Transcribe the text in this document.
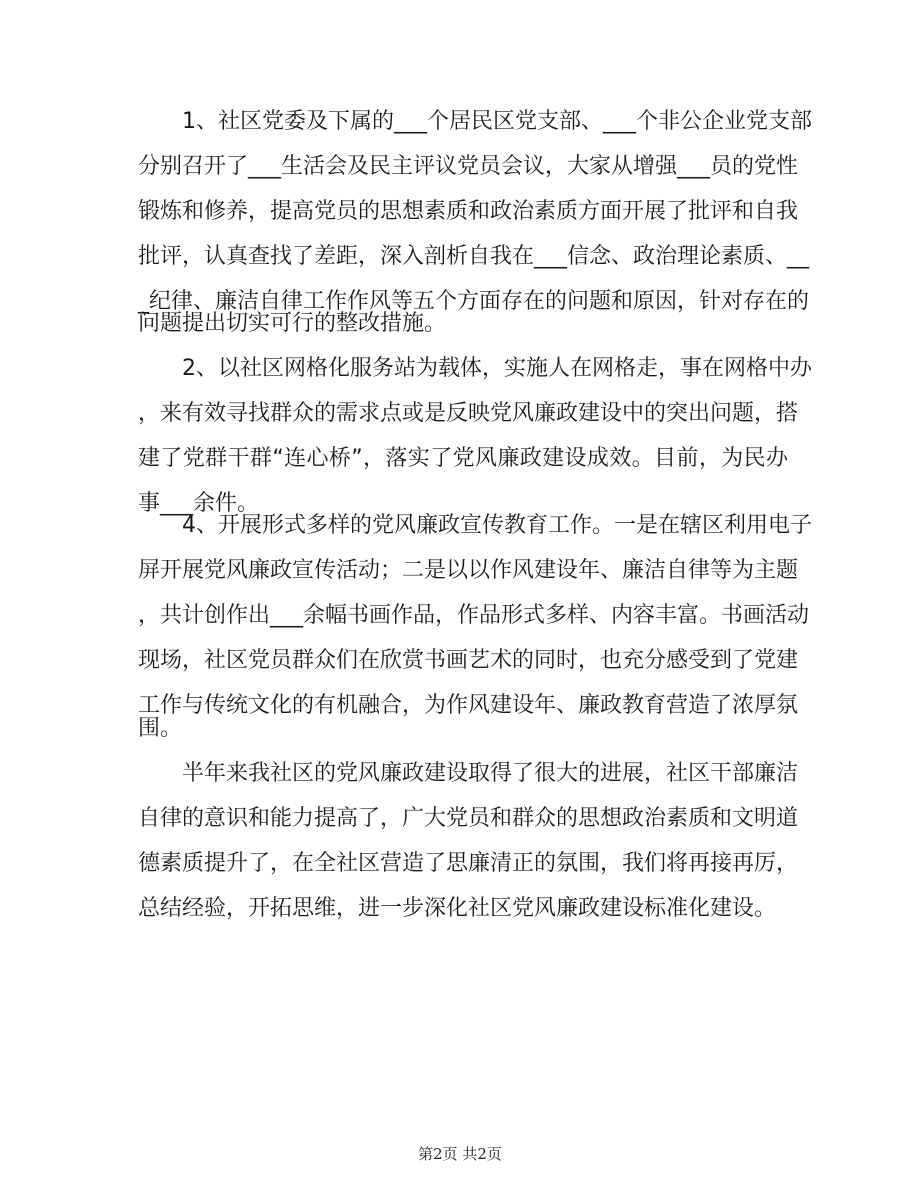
　　1、社区党委及下属的___个居民区党支部、___个非公企业党支部
分别召开了___生活会及民主评议党员会议，大家从增强___员的党性
锻炼和修养，提高党员的思想素质和政治素质方面开展了批评和自我
批评，认真查找了差距，深入剖析自我在___信念、政治理论素质、__
_纪律、廉洁自律工作作风等五个方面存在的问题和原因，针对存在的
问题提出切实可行的整改措施。
　　2、以社区网格化服务站为载体，实施人在网格走，事在网格中办
，来有效寻找群众的需求点或是反映党风廉政建设中的突出问题，搭
建了党群干群“连心桥”，落实了党风廉政建设成效。目前，为民办
事___余件。
　　4、开展形式多样的党风廉政宣传教育工作。一是在辖区利用电子
屏开展党风廉政宣传活动；二是以以作风建设年、廉洁自律等为主题
，共计创作出___余幅书画作品，作品形式多样、内容丰富。书画活动
现场，社区党员群众们在欣赏书画艺术的同时，也充分感受到了党建
工作与传统文化的有机融合，为作风建设年、廉政教育营造了浓厚氛
围。
　　半年来我社区的党风廉政建设取得了很大的进展，社区干部廉洁
自律的意识和能力提高了，广大党员和群众的思想政治素质和文明道
德素质提升了，在全社区营造了思廉清正的氛围，我们将再接再厉，
总结经验，开拓思维，进一步深化社区党风廉政建设标准化建设。
第2页 共2页
